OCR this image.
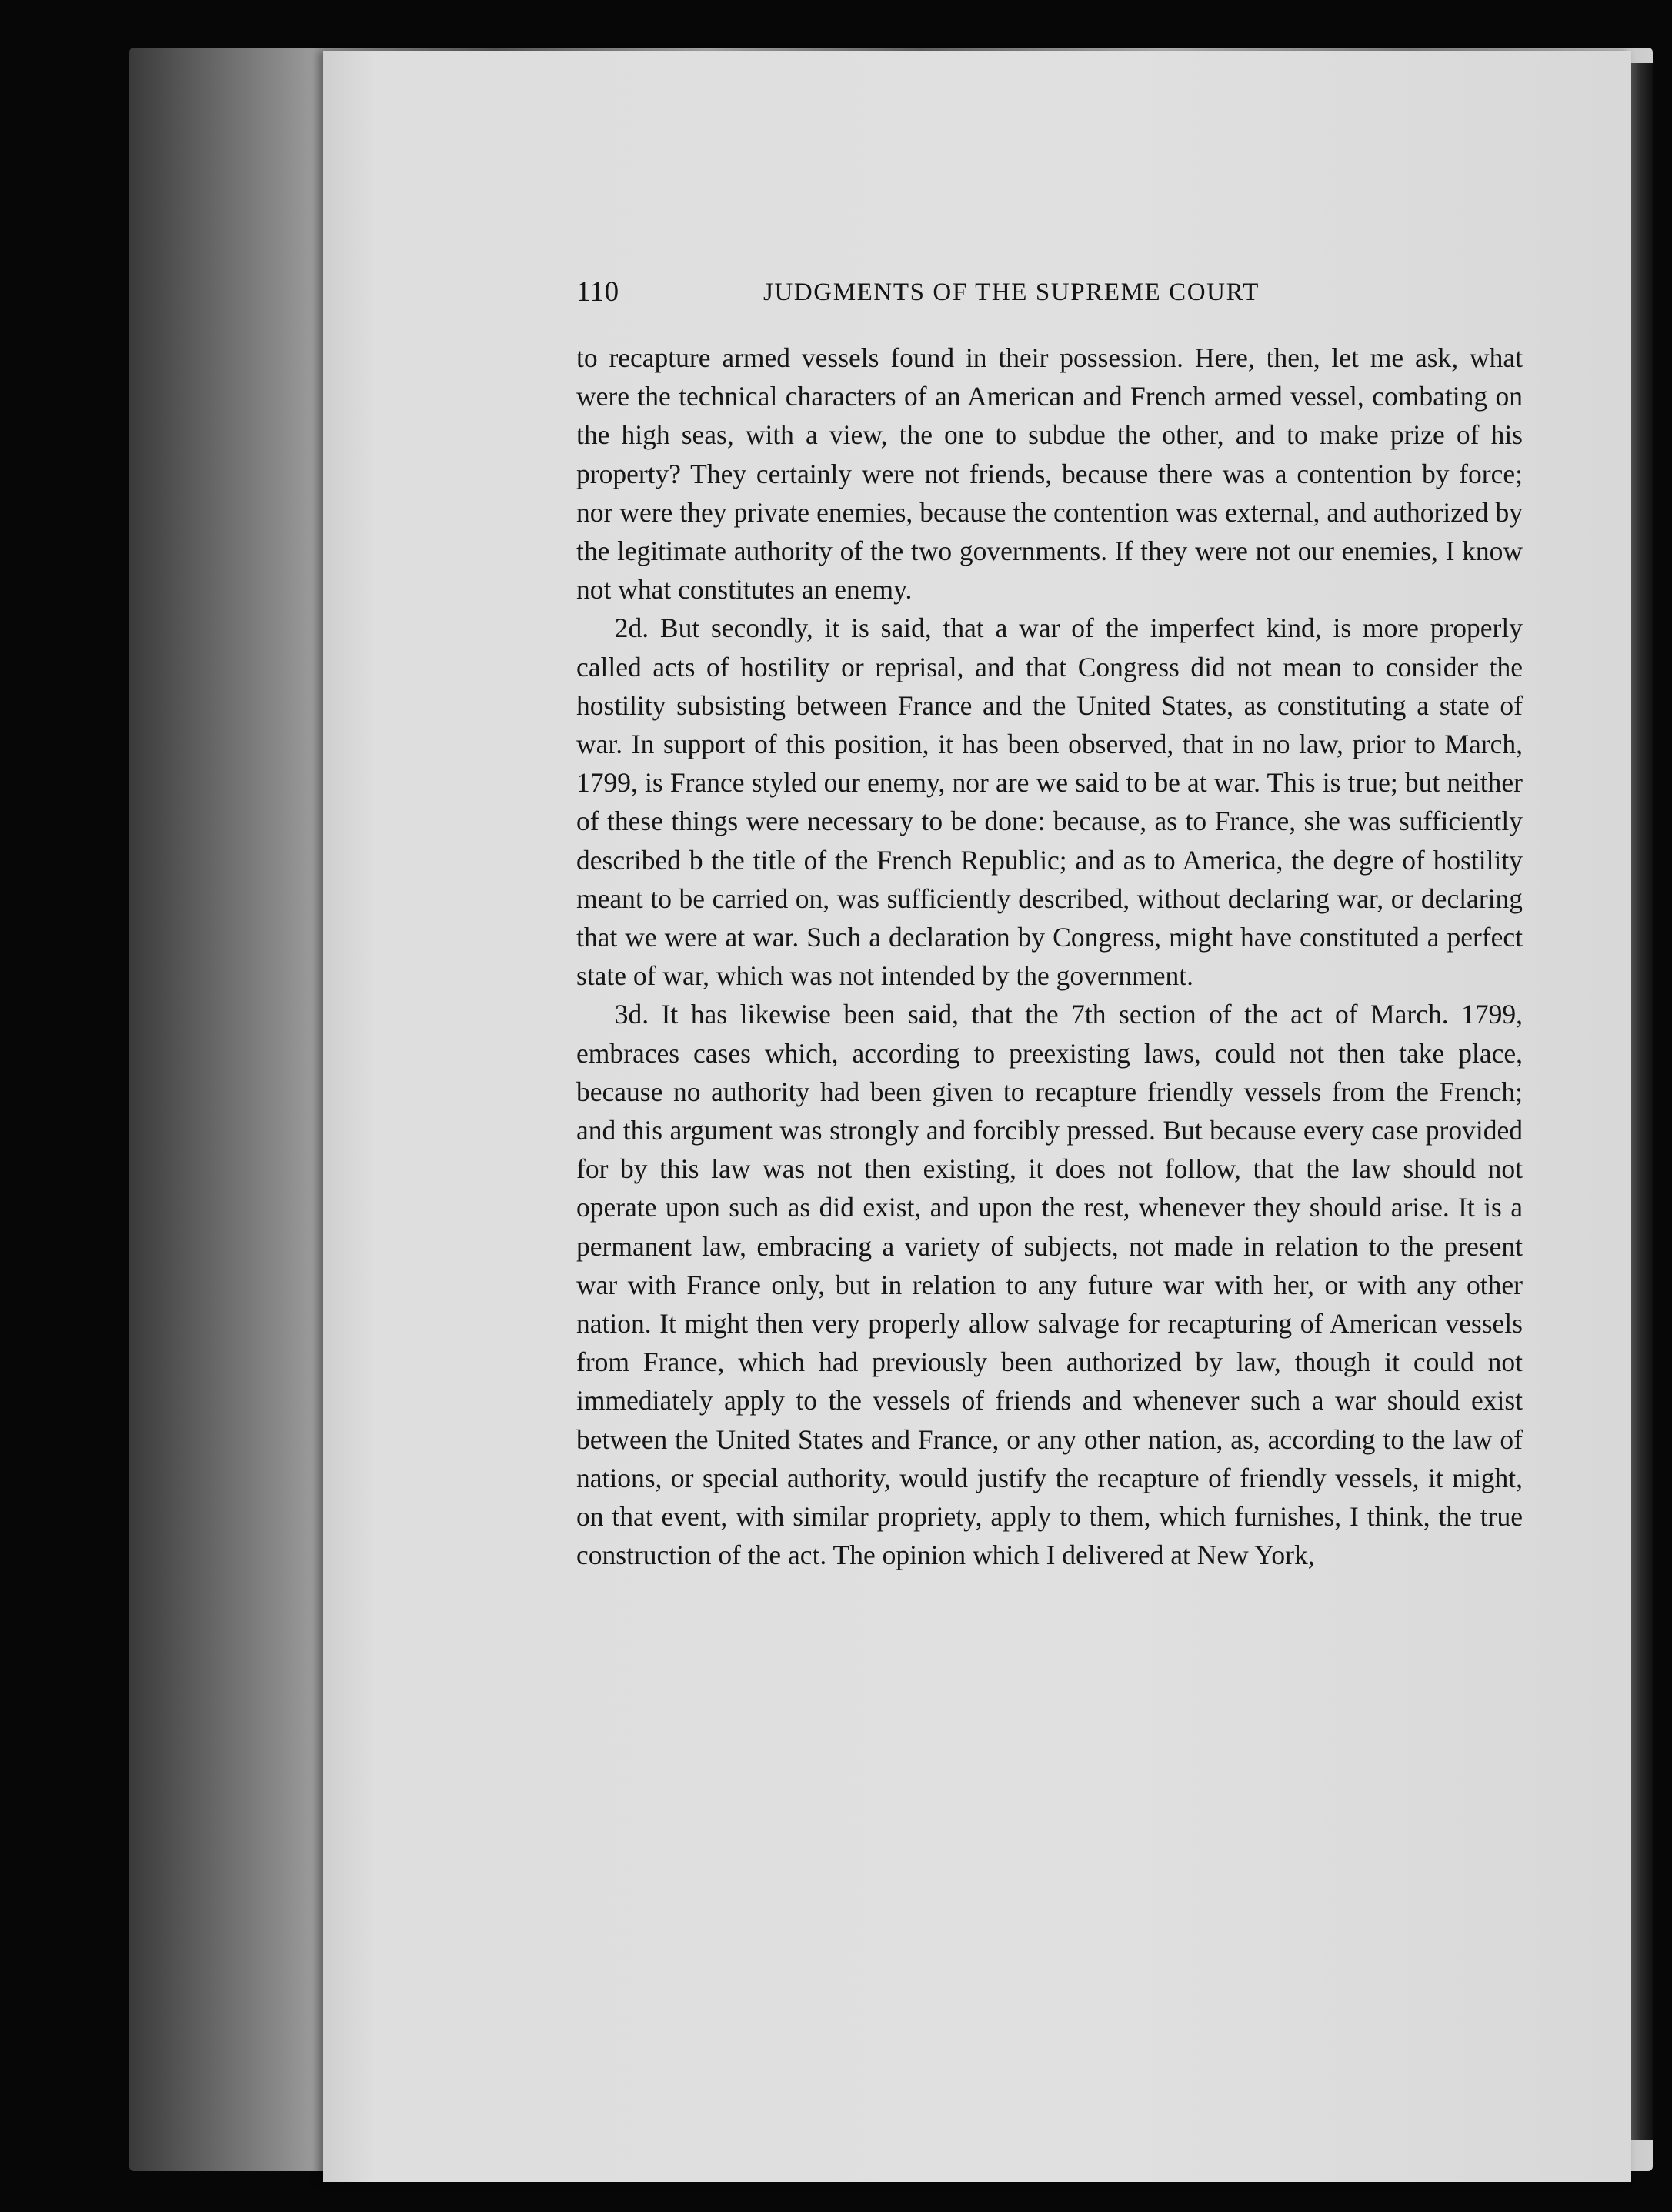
110	JUDGMENTS OF THE SUPREME COURT

to recapture armed vessels found in their possession. Here, then, let me ask, what were the technical characters of an American and French armed vessel, combating on the high seas, with a view, the one to subdue the other, and to make prize of his property? They certainly were not friends, because there was a contention by force; nor were they private enemies, because the contention was external, and authorized by the legitimate authority of the two governments. If they were not our enemies, I know not what constitutes an enemy.

2d. But secondly, it is said, that a war of the imperfect kind, is more properly called acts of hostility or reprisal, and that Congress did not mean to consider the hostility subsisting between France and the United States, as constituting a state of war. In support of this position, it has been observed, that in no law, prior to March, 1799, is France styled our enemy, nor are we said to be at war. This is true; but neither of these things were necessary to be done: because, as to France, she was sufficiently described b the title of the French Republic; and as to America, the degre of hostility meant to be carried on, was sufficiently described, without declaring war, or declaring that we were at war. Such a declaration by Congress, might have constituted a perfect state of war, which was not intended by the government.

3d. It has likewise been said, that the 7th section of the act of March. 1799, embraces cases which, according to preexisting laws, could not then take place, because no authority had been given to recapture friendly vessels from the French; and this argument was strongly and forcibly pressed. But because every case provided for by this law was not then existing, it does not follow, that the law should not operate upon such as did exist, and upon the rest, whenever they should arise. It is a permanent law, embracing a variety of subjects, not made in relation to the present war with France only, but in relation to any future war with her, or with any other nation. It might then very properly allow salvage for recapturing of American vessels from France, which had previously been authorized by law, though it could not immediately apply to the vessels of friends and whenever such a war should exist between the United States and France, or any other nation, as, according to the law of nations, or special authority, would justify the recapture of friendly vessels, it might, on that event, with similar propriety, apply to them, which furnishes, I think, the true construction of the act. The opinion which I delivered at New York,
